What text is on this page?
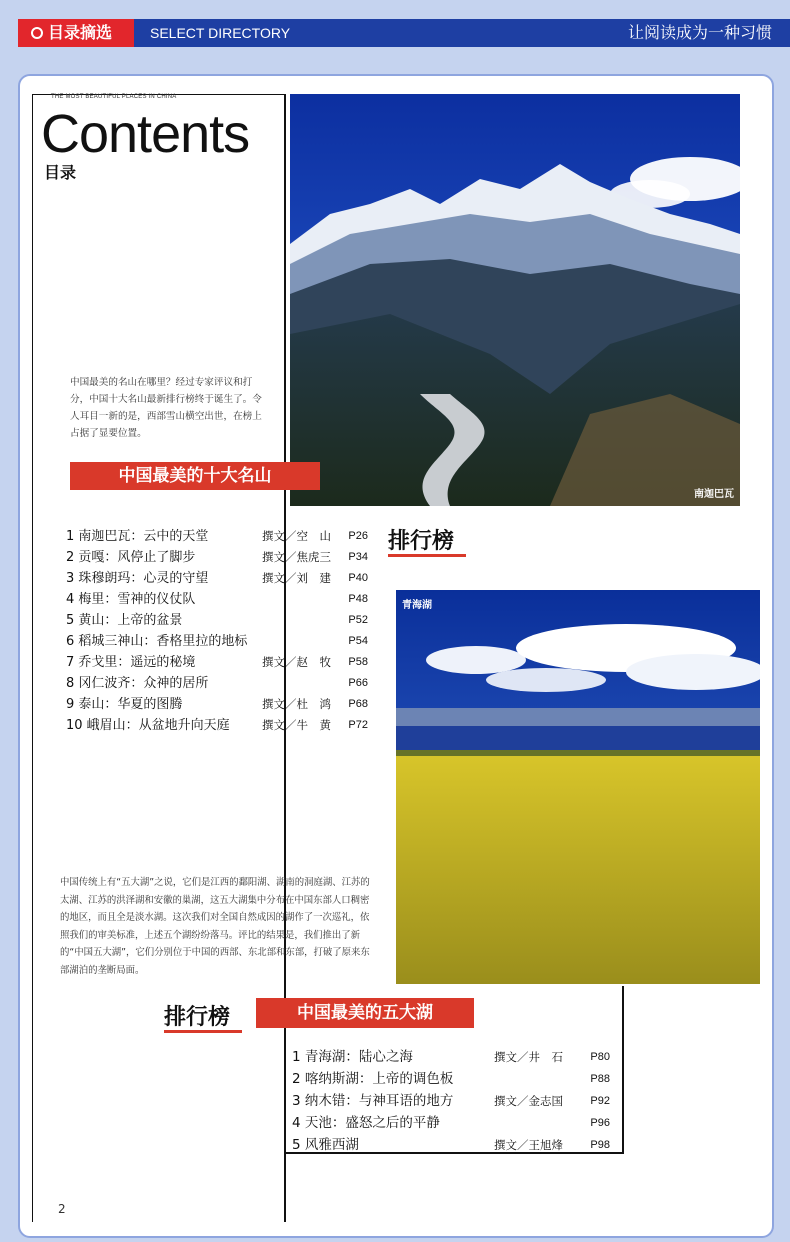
目录摘选	SELECT DIRECTORY	让阅读成为一种习惯
THE MOST BEAUTIFUL PLACES IN CHINA
Contents
目录
南迦巴瓦
中国最美的名山在哪里？经过专家评议和打分，中国十大名山最新排行榜终于诞生了。令人耳目一新的是，西部雪山横空出世，在榜上占据了显要位置。
中国最美的十大名山
排行榜
1 南迦巴瓦：云中的天堂	撰文／空　山	P26
2 贡嘎：风停止了脚步	撰文／焦虎三	P34
3 珠穆朗玛：心灵的守望	撰文／刘　建	P40
4 梅里：雪神的仪仗队	P48
5 黄山：上帝的盆景	P52
6 稻城三神山：香格里拉的地标	P54
7 乔戈里：遥远的秘境	撰文／赵　牧	P58
8 冈仁波齐：众神的居所	P66
9 泰山：华夏的图腾	撰文／杜　鸿	P68
10 峨眉山：从盆地升向天庭	撰文／牛　黄	P72
青海湖
中国传统上有“五大湖”之说，它们是江西的鄱阳湖、湖南的洞庭湖、江苏的太湖、江苏的洪泽湖和安徽的巢湖，这五大湖集中分布在中国东部人口稠密的地区，而且全是淡水湖。这次我们对全国自然成因的湖作了一次巡礼，依照我们的审美标准，上述五个湖纷纷落马。评比的结果是，我们推出了新的“中国五大湖”，它们分别位于中国的西部、东北部和东部，打破了原来东部湖泊的垄断局面。
排行榜	中国最美的五大湖
1 青海湖：陆心之海	撰文／井　石	P80
2 喀纳斯湖：上帝的调色板	P88
3 纳木错：与神耳语的地方	撰文／金志国	P92
4 天池：盛怒之后的平静	P96
5 风雅西湖	撰文／王旭烽	P98
2
